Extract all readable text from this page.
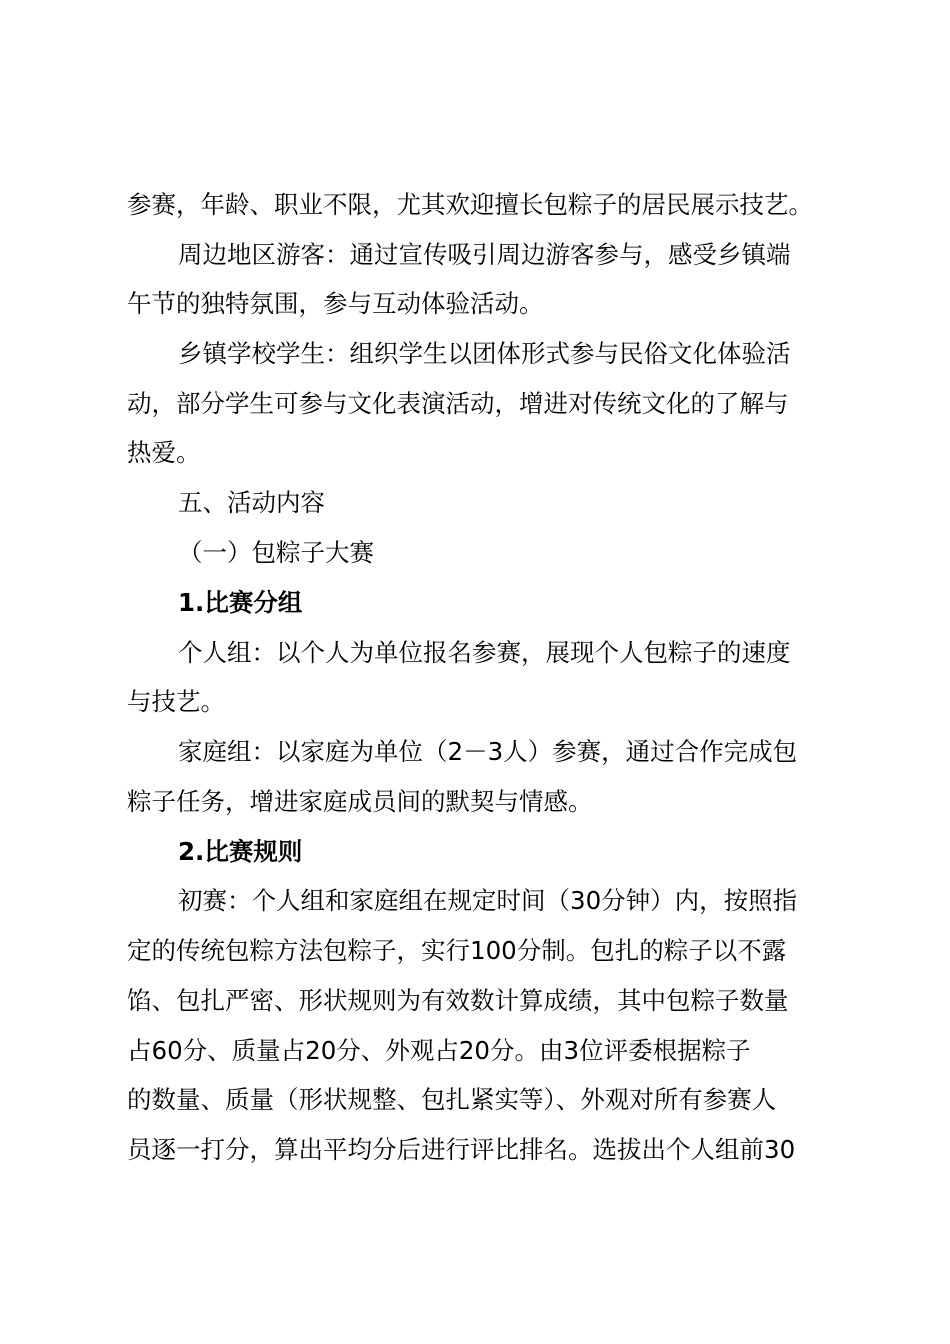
参赛，年龄、职业不限，尤其欢迎擅长包粽子的居民展示技艺。
周边地区游客：通过宣传吸引周边游客参与，感受乡镇端
午节的独特氛围，参与互动体验活动。
乡镇学校学生：组织学生以团体形式参与民俗文化体验活
动，部分学生可参与文化表演活动，增进对传统文化的了解与
热爱。
五、活动内容
（一）包粽子大赛
1.比赛分组
个人组：以个人为单位报名参赛，展现个人包粽子的速度
与技艺。
家庭组：以家庭为单位（2－3人）参赛，通过合作完成包
粽子任务，增进家庭成员间的默契与情感。
2.比赛规则
初赛：个人组和家庭组在规定时间（30分钟）内，按照指
定的传统包粽方法包粽子，实行100分制。包扎的粽子以不露
馅、包扎严密、形状规则为有效数计算成绩，其中包粽子数量
占60分、质量占20分、外观占20分。由3位评委根据粽子
的数量、质量（形状规整、包扎紧实等）、外观对所有参赛人
员逐一打分，算出平均分后进行评比排名。选拔出个人组前30
